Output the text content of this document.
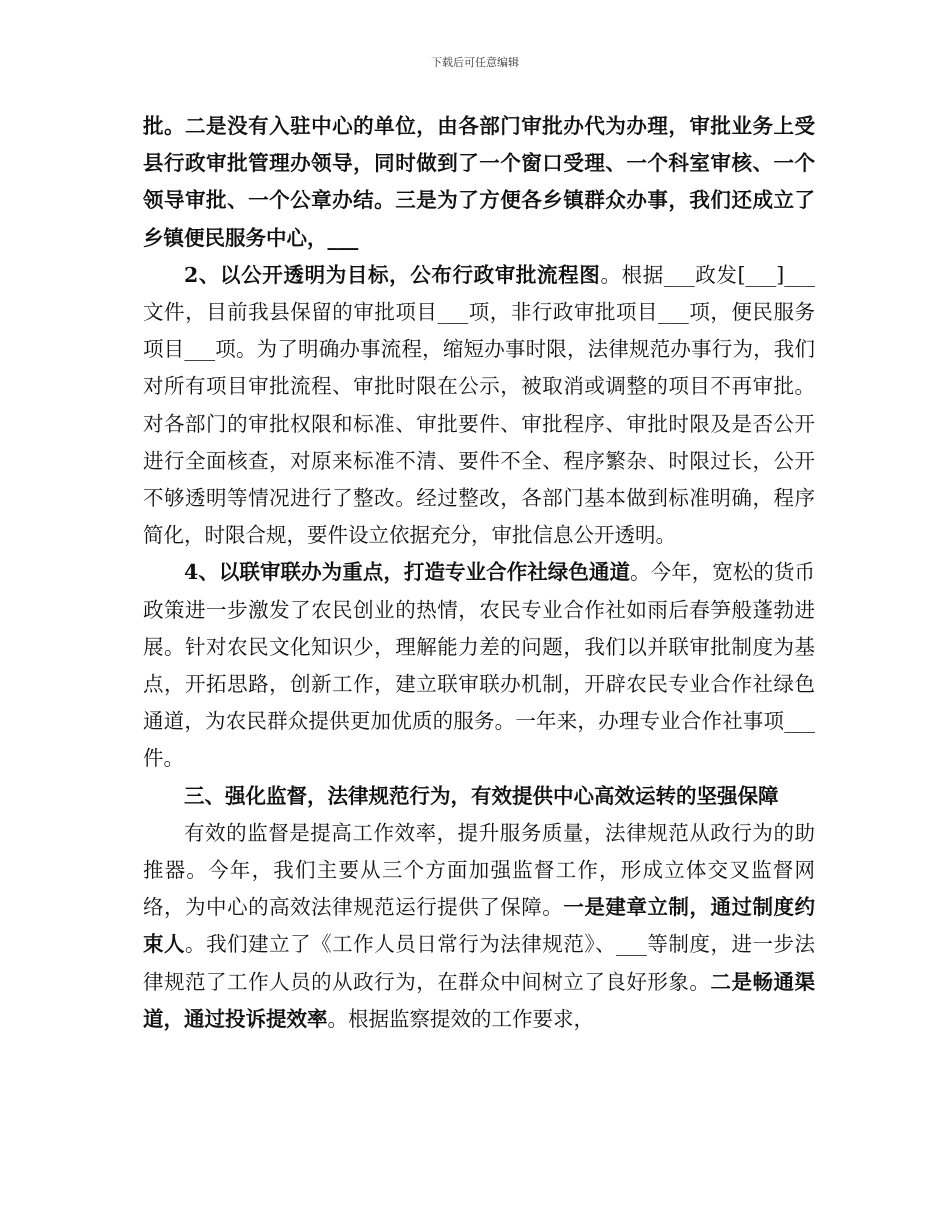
下载后可任意编辑

批。二是没有入驻中心的单位，由各部门审批办代为办理，审批业务上受县行政审批管理办领导，同时做到了一个窗口受理、一个科室审核、一个领导审批、一个公章办结。三是为了方便各乡镇群众办事，我们还成立了乡镇便民服务中心，___

2、以公开透明为目标，公布行政审批流程图。根据___政发[___]___文件，目前我县保留的审批项目___项，非行政审批项目___项，便民服务项目___项。为了明确办事流程，缩短办事时限，法律规范办事行为，我们对所有项目审批流程、审批时限在公示，被取消或调整的项目不再审批。对各部门的审批权限和标准、审批要件、审批程序、审批时限及是否公开进行全面核查，对原来标准不清、要件不全、程序繁杂、时限过长，公开不够透明等情况进行了整改。经过整改，各部门基本做到标准明确，程序简化，时限合规，要件设立依据充分，审批信息公开透明。

4、以联审联办为重点，打造专业合作社绿色通道。今年，宽松的货币政策进一步激发了农民创业的热情，农民专业合作社如雨后春笋般蓬勃进展。针对农民文化知识少，理解能力差的问题，我们以并联审批制度为基点，开拓思路，创新工作，建立联审联办机制，开辟农民专业合作社绿色通道，为农民群众提供更加优质的服务。一年来，办理专业合作社事项___件。

三、强化监督，法律规范行为，有效提供中心高效运转的坚强保障

有效的监督是提高工作效率，提升服务质量，法律规范从政行为的助推器。今年，我们主要从三个方面加强监督工作，形成立体交叉监督网络，为中心的高效法律规范运行提供了保障。一是建章立制，通过制度约束人。我们建立了《工作人员日常行为法律规范》、___等制度，进一步法律规范了工作人员的从政行为，在群众中间树立了良好形象。二是畅通渠道，通过投诉提效率。根据监察提效的工作要求，
